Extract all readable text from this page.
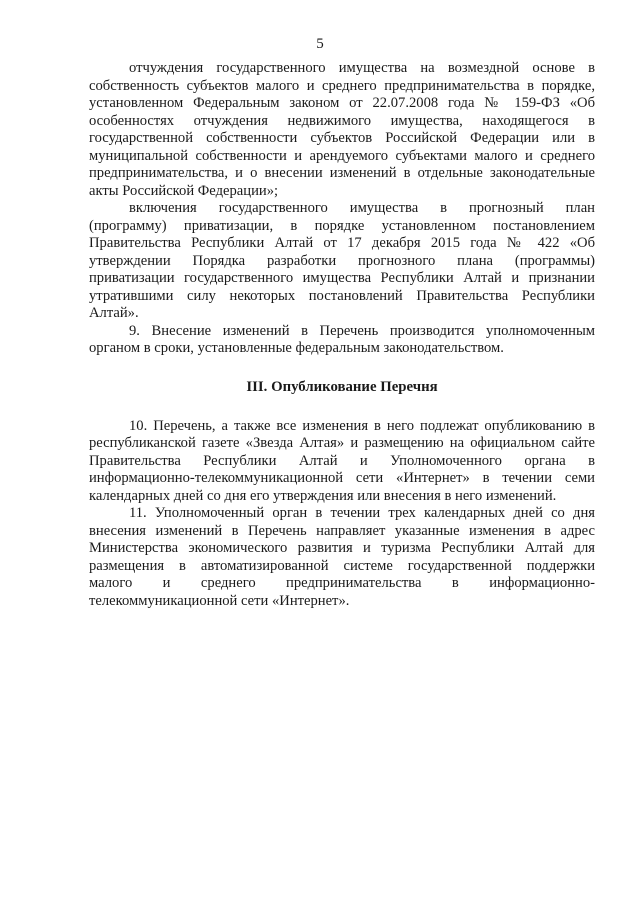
5
отчуждения государственного имущества на возмездной основе в
собственность субъектов малого и среднего предпринимательства в порядке,
установленном Федеральным законом от 22.07.2008 года № 159-ФЗ «Об
особенностях отчуждения недвижимого имущества, находящегося в
государственной собственности субъектов Российской Федерации или в
муниципальной собственности и арендуемого субъектами малого и среднего
предпринимательства, и о внесении изменений в отдельные законодательные
акты Российской Федерации»;
включения государственного имущества в прогнозный план
(программу) приватизации, в порядке установленном постановлением
Правительства Республики Алтай от 17 декабря 2015 года № 422 «Об
утверждении Порядка разработки прогнозного плана (программы)
приватизации государственного имущества Республики Алтай и признании
утратившими силу некоторых постановлений Правительства Республики
Алтай».
9. Внесение изменений в Перечень производится уполномоченным
органом в сроки, установленные федеральным законодательством.
III. Опубликование Перечня
10. Перечень, а также все изменения в него подлежат опубликованию в
республиканской газете «Звезда Алтая» и размещению на официальном сайте
Правительства Республики Алтай и Уполномоченного органа в
информационно-телекоммуникационной сети «Интернет» в течении семи
календарных дней со дня его утверждения или внесения в него изменений.
11. Уполномоченный орган в течении трех календарных дней со дня
внесения изменений в Перечень направляет указанные изменения в адрес
Министерства экономического развития и туризма Республики Алтай для
размещения в автоматизированной системе государственной поддержки
малого и среднего предпринимательства в информационно-
телекоммуникационной сети «Интернет».
